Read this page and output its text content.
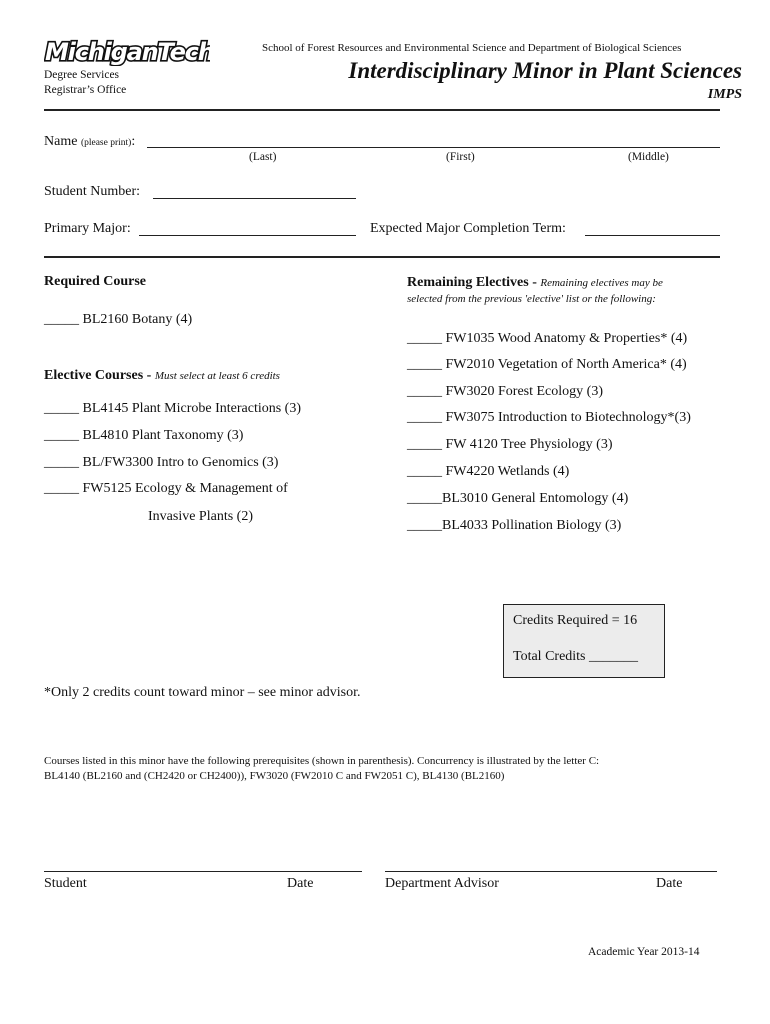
MichiganTech
Degree Services
Registrar’s Office
School of Forest Resources and Environmental Science and Department of Biological Sciences
Interdisciplinary Minor in Plant Sciences
IMPS
Name (please print):
(Last)	(First)	(Middle)
Student Number:
Primary Major:	Expected Major Completion Term:
Required Course
_____ BL2160 Botany (4)
Elective Courses - Must select at least 6 credits
_____ BL4145 Plant Microbe Interactions (3)
_____ BL4810 Plant Taxonomy (3)
_____ BL/FW3300 Intro to Genomics (3)
_____ FW5125 Ecology & Management of
Invasive Plants (2)
Remaining Electives - Remaining electives may be
selected from the previous 'elective' list or the following:
_____ FW1035 Wood Anatomy & Properties* (4)
_____ FW2010 Vegetation of North America* (4)
_____ FW3020 Forest Ecology (3)
_____ FW3075 Introduction to Biotechnology*(3)
_____ FW 4120 Tree Physiology (3)
_____ FW4220 Wetlands (4)
_____BL3010 General Entomology (4)
_____BL4033 Pollination Biology (3)
Credits Required = 16
Total Credits _______
*Only 2 credits count toward minor – see minor advisor.
Courses listed in this minor have the following prerequisites (shown in parenthesis). Concurrency is illustrated by the letter C:
BL4140 (BL2160 and (CH2420 or CH2400)), FW3020 (FW2010 C and FW2051 C), BL4130 (BL2160)
Student	Date	Department Advisor	Date
Academic Year 2013-14
